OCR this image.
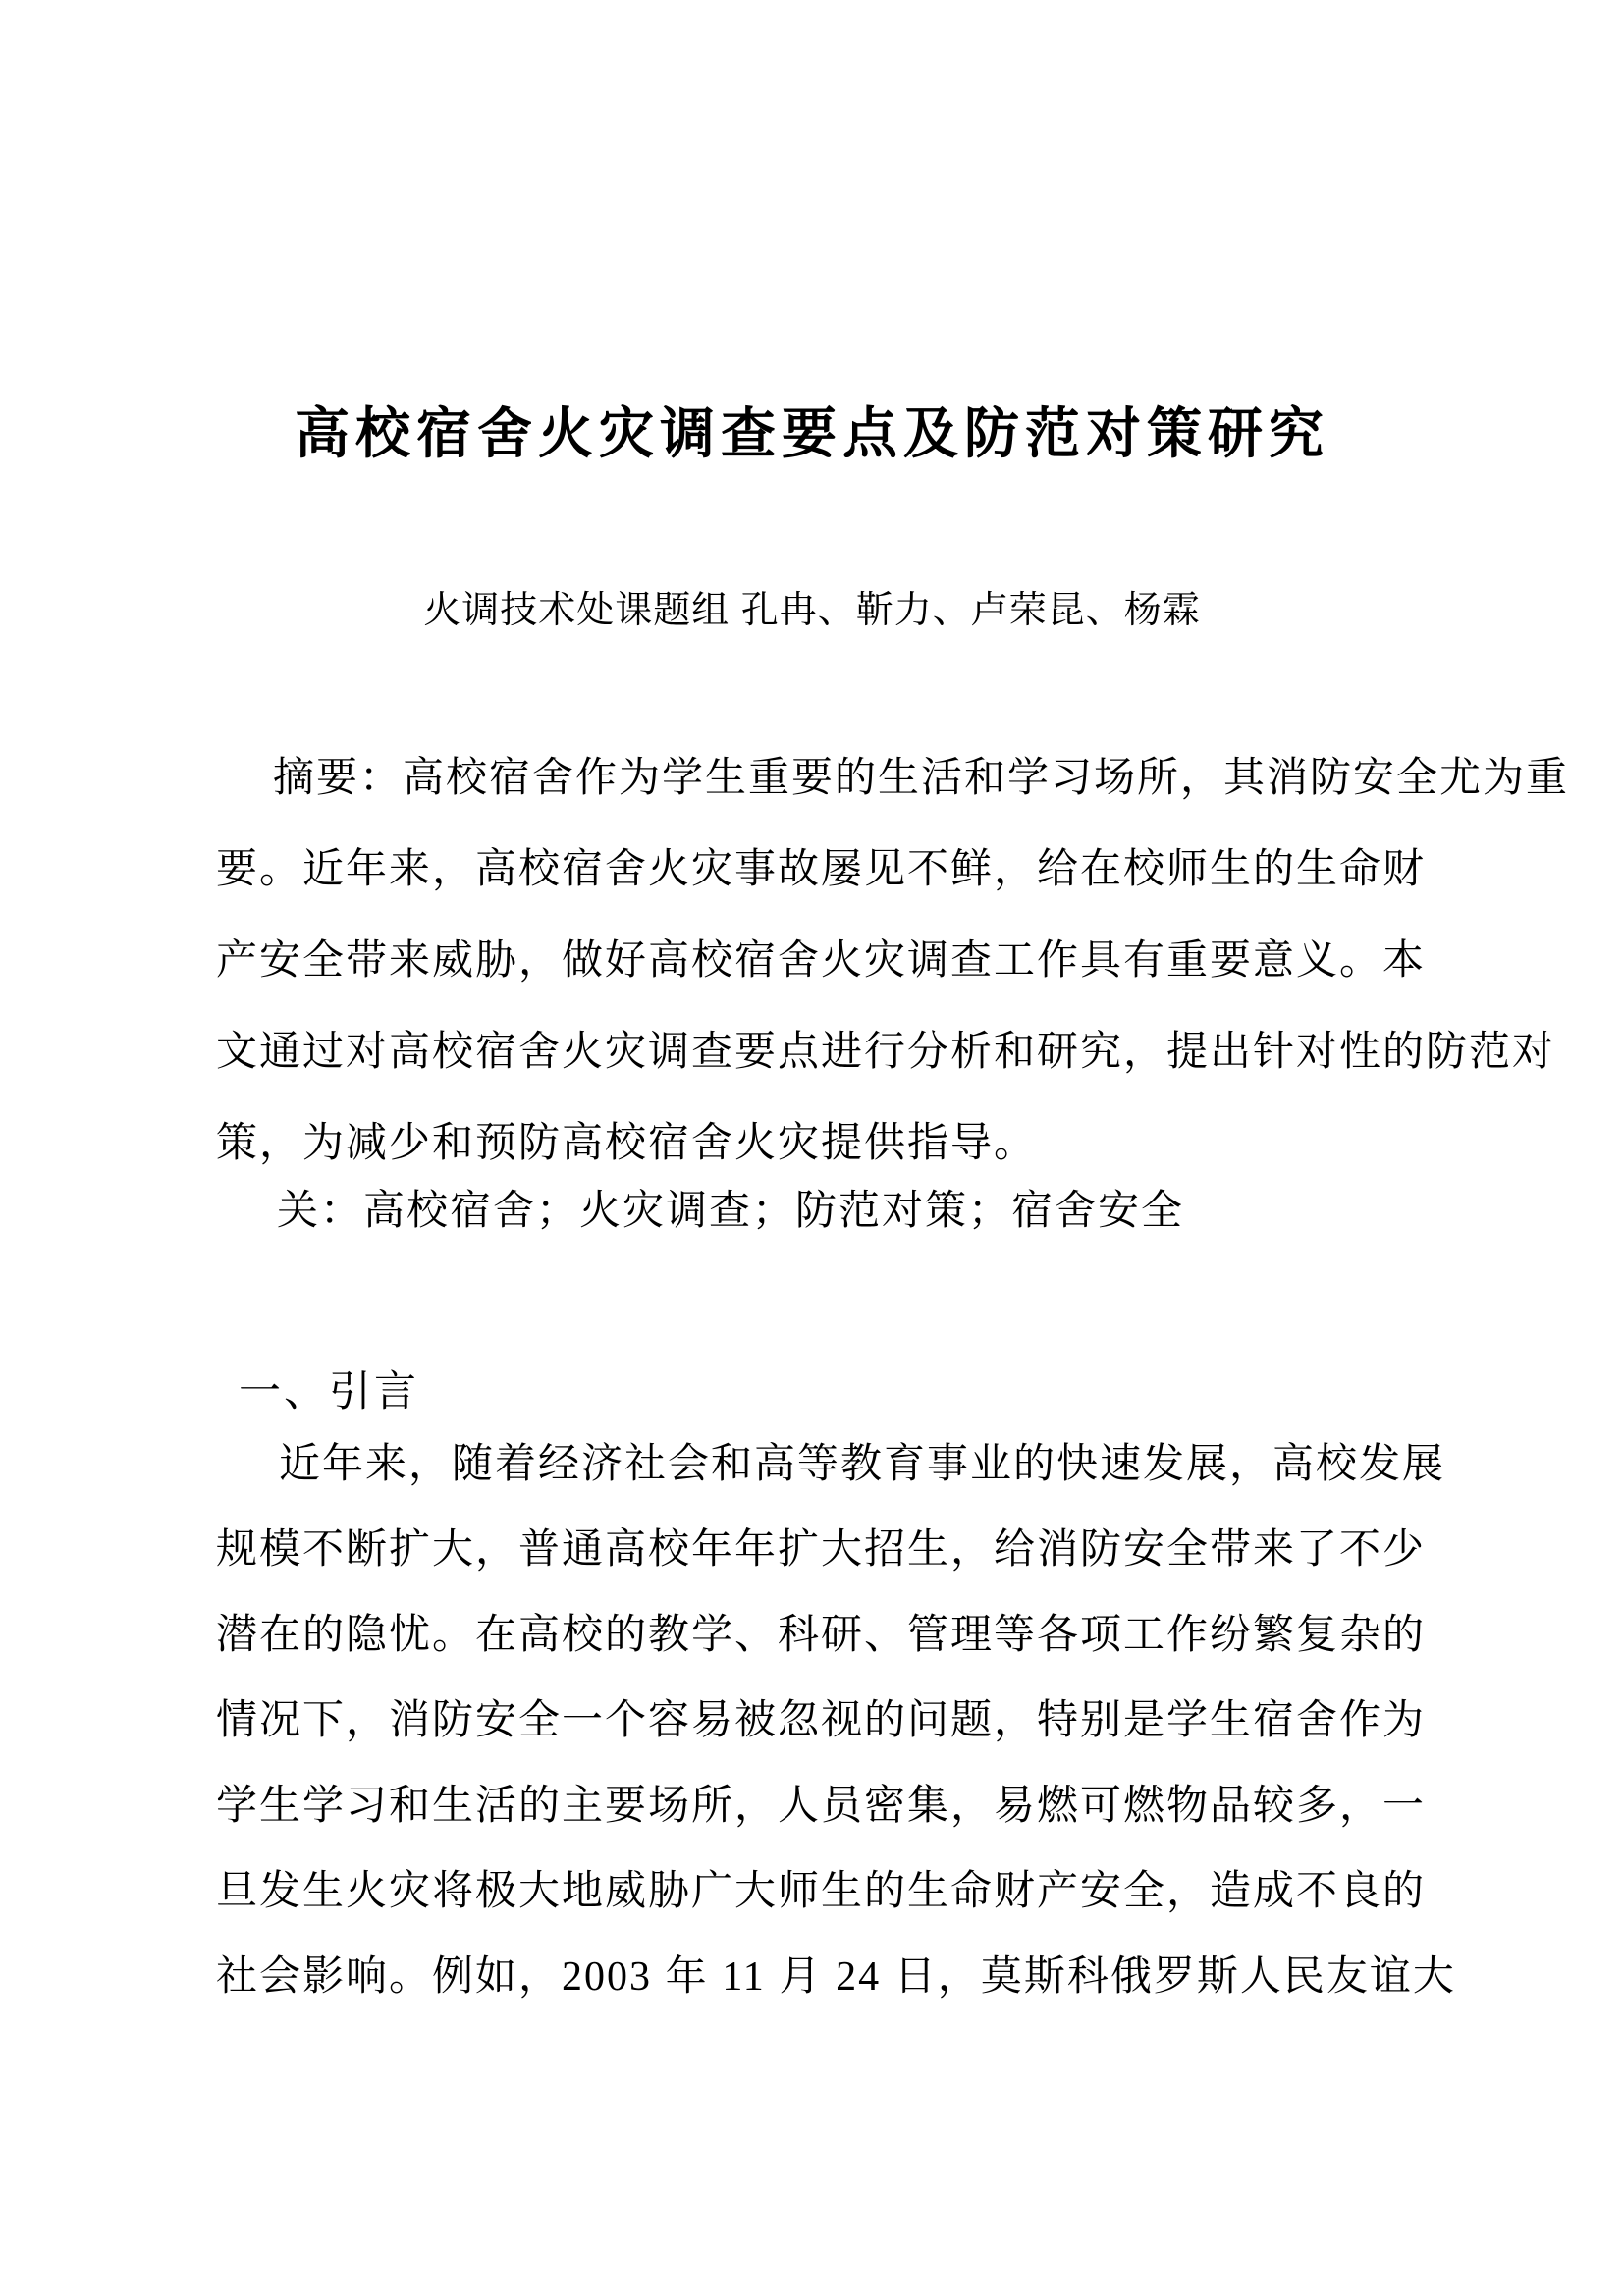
高校宿舍火灾调查要点及防范对策研究
火调技术处课题组 孔冉、靳力、卢荣昆、杨霖
摘要：高校宿舍作为学生重要的生活和学习场所，其消防安全尤为重
要。近年来，高校宿舍火灾事故屡见不鲜，给在校师生的生命财
产安全带来威胁，做好高校宿舍火灾调查工作具有重要意义。本
文通过对高校宿舍火灾调查要点进行分析和研究，提出针对性的防范对
策，为减少和预防高校宿舍火灾提供指导。
关：高校宿舍；火灾调查；防范对策；宿舍安全
一、引言
近年来，随着经济社会和高等教育事业的快速发展，高校发展
规模不断扩大，普通高校年年扩大招生，给消防安全带来了不少
潜在的隐忧。在高校的教学、科研、管理等各项工作纷繁复杂的
情况下，消防安全一个容易被忽视的问题，特别是学生宿舍作为
学生学习和生活的主要场所，人员密集，易燃可燃物品较多，一
旦发生火灾将极大地威胁广大师生的生命财产安全，造成不良的
社会影响。例如，2003 年 11 月 24 日，莫斯科俄罗斯人民友谊大
